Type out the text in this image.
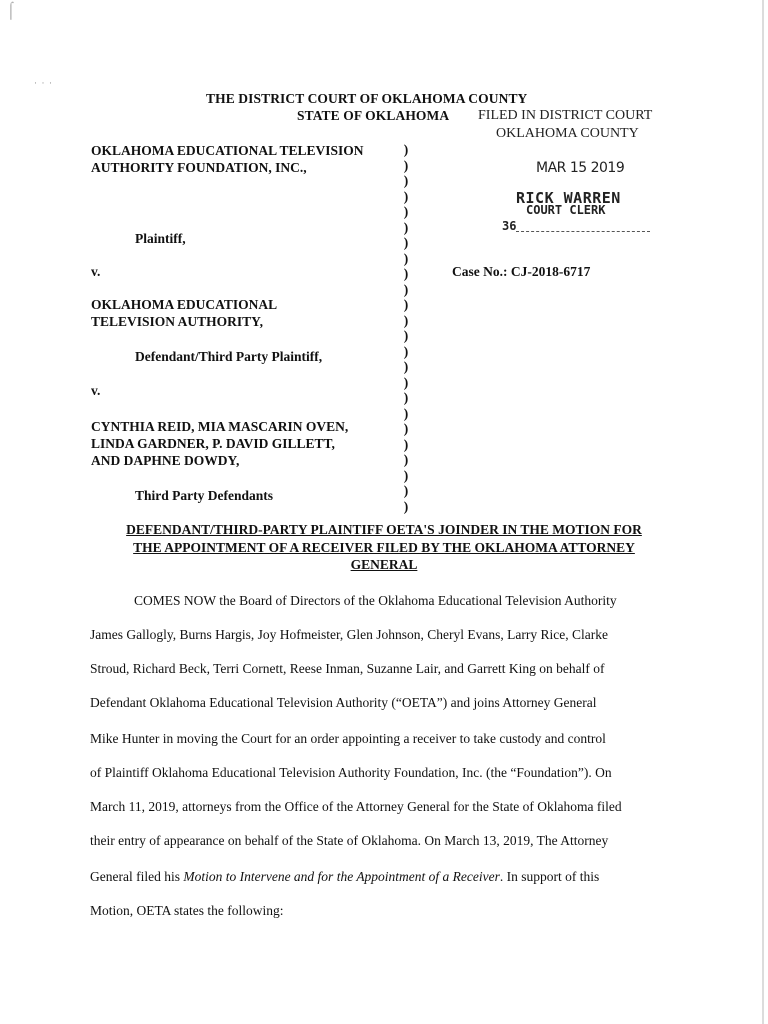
⌠
·  ·  ·
THE DISTRICT COURT OF OKLAHOMA COUNTY
STATE OF OKLAHOMA FILED IN DISTRICT COURT
OKLAHOMA COUNTY
MAR 15 2019
RICK WARREN
COURT CLERK
36
OKLAHOMA EDUCATIONAL TELEVISION
AUTHORITY FOUNDATION, INC.,
Plaintiff,
v.
OKLAHOMA EDUCATIONAL
TELEVISION AUTHORITY,
Defendant/Third Party Plaintiff,
v.
CYNTHIA REID, MIA MASCARIN OVEN,
LINDA GARDNER, P. DAVID GILLETT,
AND DAPHNE DOWDY,
Third Party Defendants
)
)
)
)
)
)
)
)
)
)
)
)
)
)
)
)
)
)
)
)
)
)
)
)
Case No.: CJ-2018-6717
DEFENDANT/THIRD-PARTY PLAINTIFF OETA'S JOINDER IN THE MOTION FOR
THE APPOINTMENT OF A RECEIVER FILED BY THE OKLAHOMA ATTORNEY
GENERAL
COMES NOW the Board of Directors of the Oklahoma Educational Television Authority
James Gallogly, Burns Hargis, Joy Hofmeister, Glen Johnson, Cheryl Evans, Larry Rice, Clarke
Stroud, Richard Beck, Terri Cornett, Reese Inman, Suzanne Lair, and Garrett King on behalf of
Defendant Oklahoma Educational Television Authority (“OETA”) and joins Attorney General
Mike Hunter in moving the Court for an order appointing a receiver to take custody and control
of Plaintiff Oklahoma Educational Television Authority Foundation, Inc. (the “Foundation”). On
March 11, 2019, attorneys from the Office of the Attorney General for the State of Oklahoma filed
their entry of appearance on behalf of the State of Oklahoma. On March 13, 2019, The Attorney
General filed his Motion to Intervene and for the Appointment of a Receiver. In support of this
Motion, OETA states the following:
